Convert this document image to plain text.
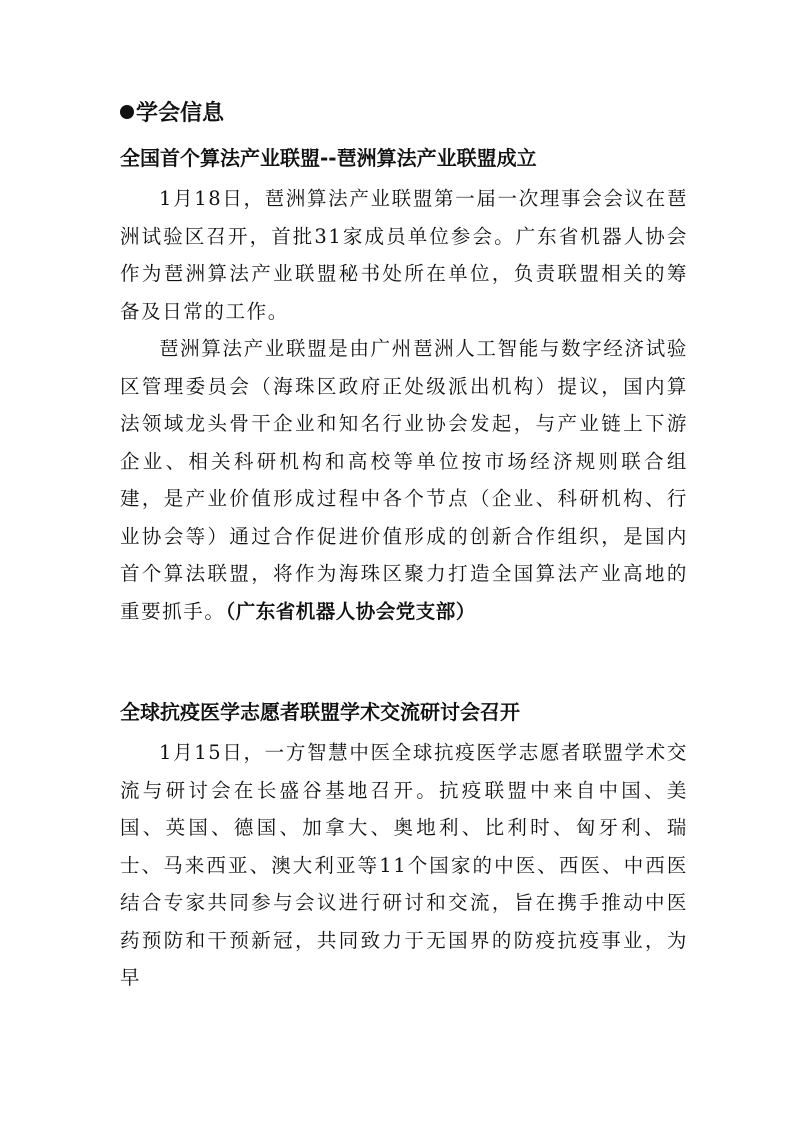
学会信息
全国首个算法产业联盟--琶洲算法产业联盟成立

1月18日，琶洲算法产业联盟第一届一次理事会会议在琶洲试验区召开，首批31家成员单位参会。广东省机器人协会作为琶洲算法产业联盟秘书处所在单位，负责联盟相关的筹备及日常的工作。

琶洲算法产业联盟是由广州琶洲人工智能与数字经济试验区管理委员会（海珠区政府正处级派出机构）提议，国内算法领域龙头骨干企业和知名行业协会发起，与产业链上下游企业、相关科研机构和高校等单位按市场经济规则联合组建，是产业价值形成过程中各个节点（企业、科研机构、行业协会等）通过合作促进价值形成的创新合作组织，是国内首个算法联盟，将作为海珠区聚力打造全国算法产业高地的重要抓手。（广东省机器人协会党支部）

全球抗疫医学志愿者联盟学术交流研讨会召开

1月15日，一方智慧中医全球抗疫医学志愿者联盟学术交流与研讨会在长盛谷基地召开。抗疫联盟中来自中国、美国、英国、德国、加拿大、奥地利、比利时、匈牙利、瑞士、马来西亚、澳大利亚等11个国家的中医、西医、中西医结合专家共同参与会议进行研讨和交流，旨在携手推动中医药预防和干预新冠，共同致力于无国界的防疫抗疫事业，为早
